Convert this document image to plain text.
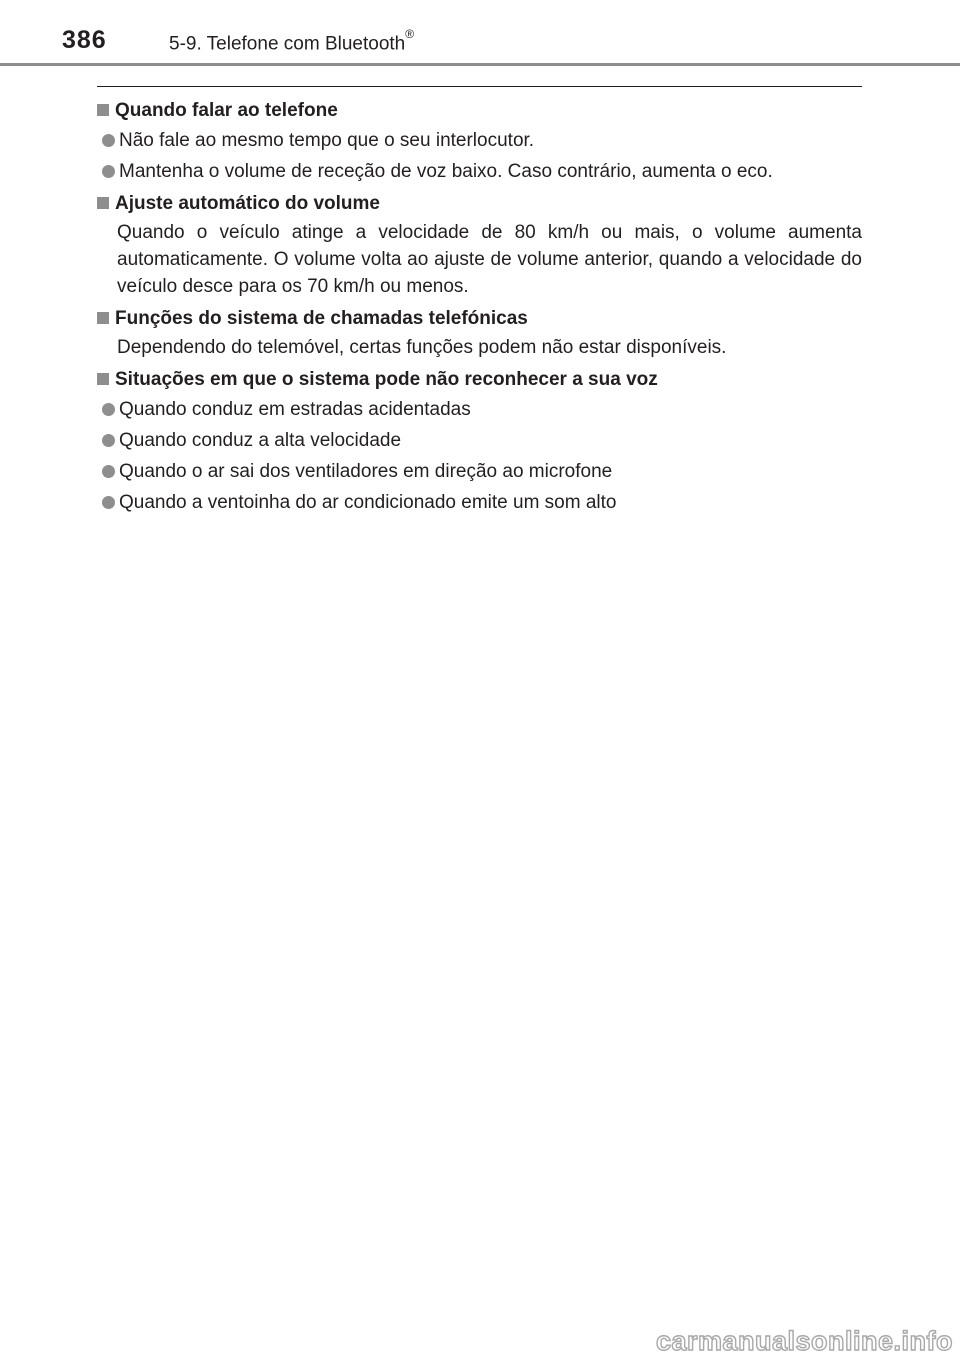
386	5-9. Telefone com Bluetooth®
Quando falar ao telefone
Não fale ao mesmo tempo que o seu interlocutor.
Mantenha o volume de receção de voz baixo. Caso contrário, aumenta o eco.
Ajuste automático do volume
Quando o veículo atinge a velocidade de 80 km/h ou mais, o volume aumenta automaticamente. O volume volta ao ajuste de volume anterior, quando a velocidade do veículo desce para os 70 km/h ou menos.
Funções do sistema de chamadas telefónicas
Dependendo do telemóvel, certas funções podem não estar disponíveis.
Situações em que o sistema pode não reconhecer a sua voz
Quando conduz em estradas acidentadas
Quando conduz a alta velocidade
Quando o ar sai dos ventiladores em direção ao microfone
Quando a ventoinha do ar condicionado emite um som alto
carmanualsonline.info
